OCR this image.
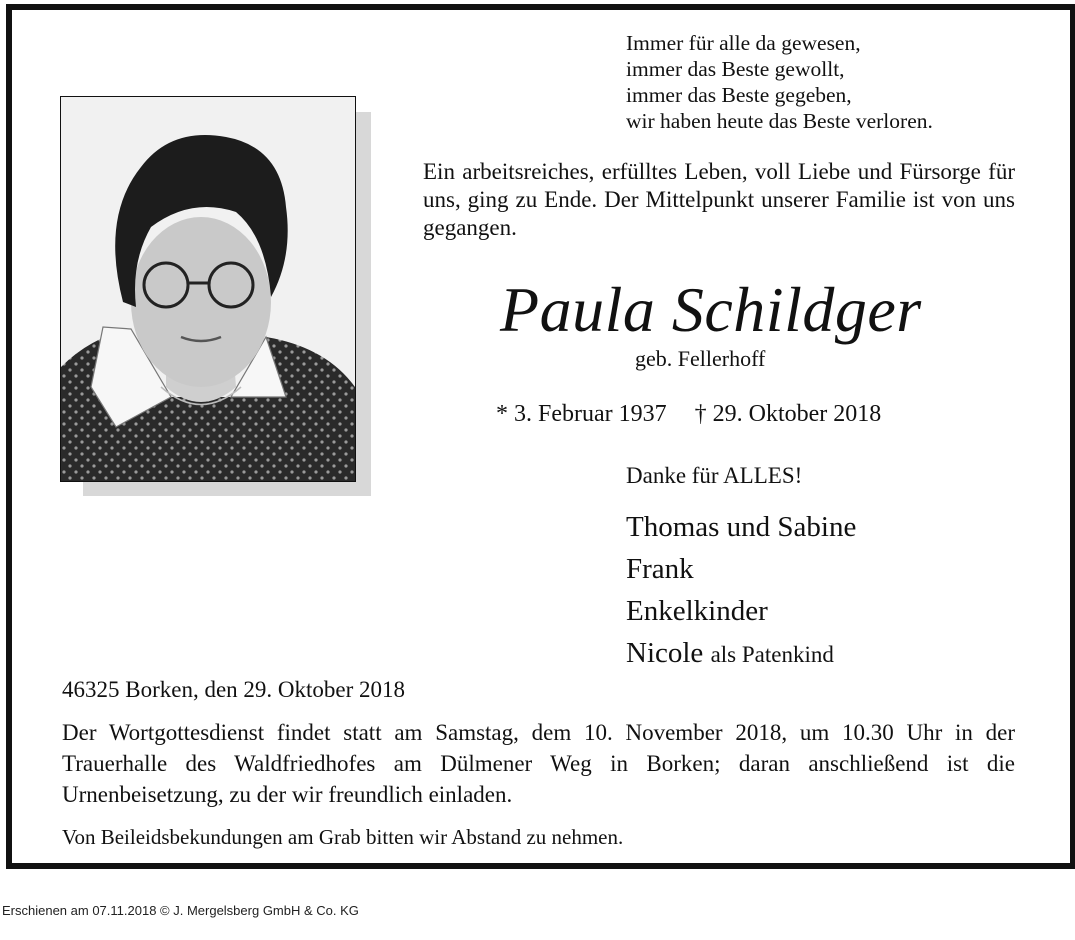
Immer für alle da gewesen,
immer das Beste gewollt,
immer das Beste gegeben,
wir haben heute das Beste verloren.
Ein arbeitsreiches, erfülltes Leben, voll Liebe und Fürsorge für uns, ging zu Ende. Der Mittelpunkt unserer Familie ist von uns gegangen.
Paula Schildger
geb. Fellerhoff
* 3. Februar 1937 † 29. Oktober 2018
Danke für ALLES!
Thomas und Sabine
Frank
Enkelkinder
Nicole als Patenkind
46325 Borken, den 29. Oktober 2018
Der Wortgottesdienst findet statt am Samstag, dem 10. November 2018, um 10.30 Uhr in der Trauerhalle des Waldfriedhofes am Dülmener Weg in Borken; daran anschließend ist die Urnenbeisetzung, zu der wir freundlich einladen.
Von Beileidsbekundungen am Grab bitten wir Abstand zu nehmen.
Erschienen am 07.11.2018 © J. Mergelsberg GmbH & Co. KG
